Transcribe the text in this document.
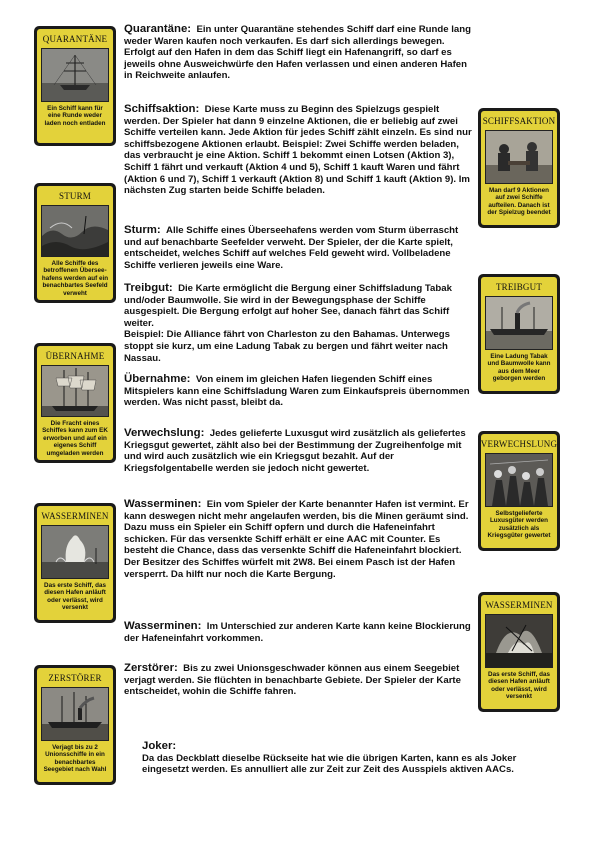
QUARANTÄNE
Ein Schiff kann für eine Runde weder laden noch entladen
STURM
Alle Schiffe des betroffenen Übersee-hafens werden auf ein benachbartes Seefeld verweht
ÜBERNAHME
Die Fracht eines Schiffes kann zum EK erworben und auf ein eigenes Schiff umgeladen werden
WASSERMINEN
Das erste Schiff, das diesen Hafen anläuft oder verlässt, wird versenkt
ZERSTÖRER
Verjagt bis zu 2 Unionsschiffe in ein benachbartes Seegebiet nach Wahl
SCHIFFSAKTION
Man darf 9 Aktionen auf zwei Schiffe aufteilen. Danach ist der Spielzug beendet
TREIBGUT
Eine Ladung Tabak und Baumwolle kann aus dem Meer geborgen werden
VERWECHSLUNG
Selbstgelieferte Luxusgüter werden zusätzlich als Kriegsgüter gewertet
WASSERMINEN
Das erste Schiff, das diesen Hafen anläuft oder verlässt, wird versenkt

Quarantäne: Ein unter Quarantäne stehendes Schiff darf eine Runde lang weder Waren kaufen noch verkaufen. Es darf sich allerdings bewegen. Erfolgt auf den Hafen in dem das Schiff liegt ein Hafenangriff, so darf es jeweils ohne Ausweichwürfe den Hafen verlassen und einen anderen Hafen in Reichweite anlaufen.

Schiffsaktion: Diese Karte muss zu Beginn des Spielzugs gespielt werden. Der Spieler hat dann 9 einzelne Aktionen, die er beliebig auf zwei Schiffe verteilen kann. Jede Aktion für jedes Schiff zählt einzeln. Es sind nur schiffsbezogene Aktionen erlaubt. Beispiel: Zwei Schiffe werden beladen, das verbraucht je eine Aktion. Schiff 1 bekommt einen Lotsen (Aktion 3), Schiff 1 fährt und verkauft (Aktion 4 und 5), Schiff 1 kauft Waren und fährt (Aktion 6 und 7), Schiff 1 verkauft (Aktion 8) und Schiff 1 kauft (Aktion 9). Im nächsten Zug starten beide Schiffe beladen.

Sturm: Alle Schiffe eines Überseehafens werden vom Sturm überrascht und auf benachbarte Seefelder verweht. Der Spieler, der die Karte spielt, entscheidet, welches Schiff auf welches Feld geweht wird. Vollbeladene Schiffe verlieren jeweils eine Ware.

Treibgut: Die Karte ermöglicht die Bergung einer Schiffsladung Tabak und/oder Baumwolle. Sie wird in der Bewegungsphase der Schiffe ausgespielt. Die Bergung erfolgt auf hoher See, danach fährt das Schiff weiter.

Beispiel: Die Alliance fährt von Charleston zu den Bahamas. Unterwegs stoppt sie kurz, um eine Ladung Tabak zu bergen und fährt weiter nach Nassau.

Übernahme: Von einem im gleichen Hafen liegenden Schiff eines Mitspielers kann eine Schiffsladung Waren zum Einkaufspreis übernommen werden. Was nicht passt, bleibt da.

Verwechslung: Jedes gelieferte Luxusgut wird zusätzlich als geliefertes Kriegsgut gewertet, zählt also bei der Bestimmung der Zugreihenfolge mit und wird auch zusätzlich wie ein Kriegsgut bezahlt. Auf der Kriegsfolgentabelle werden sie jedoch nicht gewertet.

Wasserminen: Ein vom Spieler der Karte benannter Hafen ist vermint. Er kann deswegen nicht mehr angelaufen werden, bis die Minen geräumt sind. Dazu muss ein Spieler ein Schiff opfern und durch die Hafeneinfahrt schicken. Für das versenkte Schiff erhält er eine AAC mit Counter. Es besteht die Chance, dass das versenkte Schiff die Hafeneinfahrt blockiert. Der Besitzer des Schiffes würfelt mit 2W8. Bei einem Pasch ist der Hafen versperrt. Da hilft nur noch die Karte Bergung.

Wasserminen: Im Unterschied zur anderen Karte kann keine Blockierung der Hafeneinfahrt vorkommen.

Zerstörer: Bis zu zwei Unionsgeschwader können aus einem Seegebiet verjagt werden. Sie flüchten in benachbarte Gebiete. Der Spieler der Karte entscheidet, wohin die Schiffe fahren.

Joker:

Da das Deckblatt dieselbe Rückseite hat wie die übrigen Karten, kann es als Joker eingesetzt werden. Es annulliert alle zur Zeit zur Zeit des Ausspiels aktiven AACs.
